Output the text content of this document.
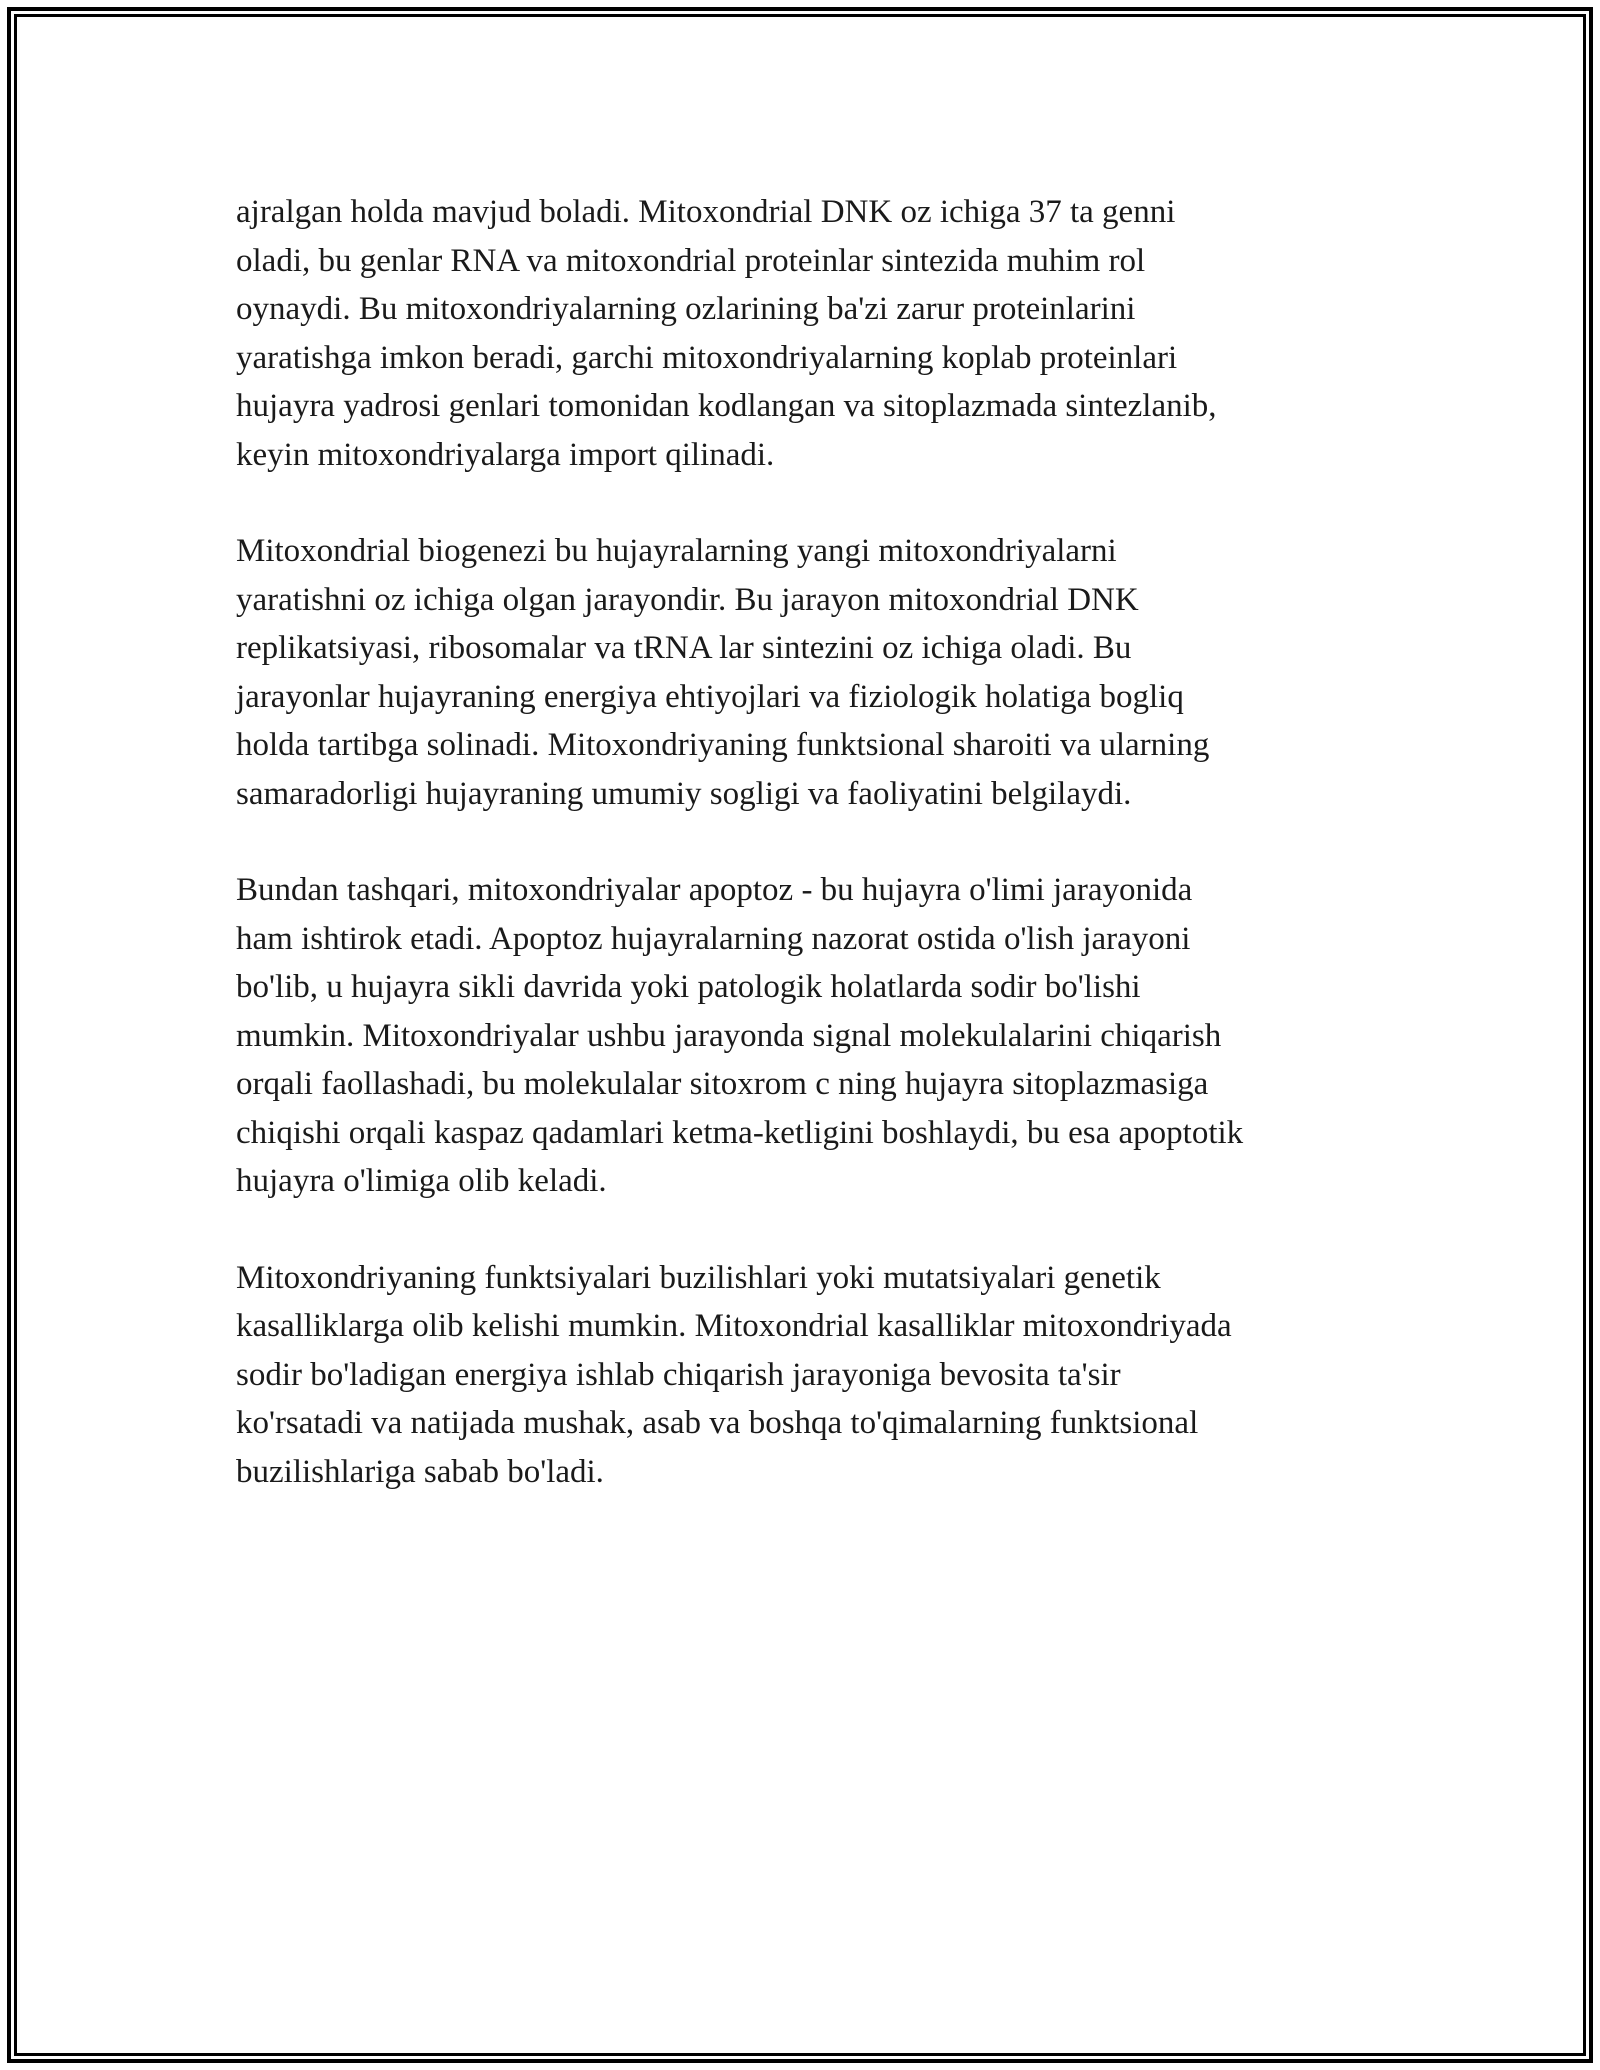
ajralgan holda mavjud boladi. Mitoxondrial DNK oz ichiga 37 ta genni
oladi, bu genlar RNA va mitoxondrial proteinlar sintezida muhim rol
oynaydi. Bu mitoxondriyalarning ozlarining ba'zi zarur proteinlarini
yaratishga imkon beradi, garchi mitoxondriyalarning koplab proteinlari
hujayra yadrosi genlari tomonidan kodlangan va sitoplazmada sintezlanib,
keyin mitoxondriyalarga import qilinadi.

Mitoxondrial biogenezi bu hujayralarning yangi mitoxondriyalarni
yaratishni oz ichiga olgan jarayondir. Bu jarayon mitoxondrial DNK
replikatsiyasi, ribosomalar va tRNA lar sintezini oz ichiga oladi. Bu
jarayonlar hujayraning energiya ehtiyojlari va fiziologik holatiga bogliq
holda tartibga solinadi. Mitoxondriyaning funktsional sharoiti va ularning
samaradorligi hujayraning umumiy sogligi va faoliyatini belgilaydi.

Bundan tashqari, mitoxondriyalar apoptoz - bu hujayra o'limi jarayonida
ham ishtirok etadi. Apoptoz hujayralarning nazorat ostida o'lish jarayoni
bo'lib, u hujayra sikli davrida yoki patologik holatlarda sodir bo'lishi
mumkin. Mitoxondriyalar ushbu jarayonda signal molekulalarini chiqarish
orqali faollashadi, bu molekulalar sitoxrom c ning hujayra sitoplazmasiga
chiqishi orqali kaspaz qadamlari ketma-ketligini boshlaydi, bu esa apoptotik
hujayra o'limiga olib keladi.

Mitoxondriyaning funktsiyalari buzilishlari yoki mutatsiyalari genetik
kasalliklarga olib kelishi mumkin. Mitoxondrial kasalliklar mitoxondriyada
sodir bo'ladigan energiya ishlab chiqarish jarayoniga bevosita ta'sir
ko'rsatadi va natijada mushak, asab va boshqa to'qimalarning funktsional
buzilishlariga sabab bo'ladi.
